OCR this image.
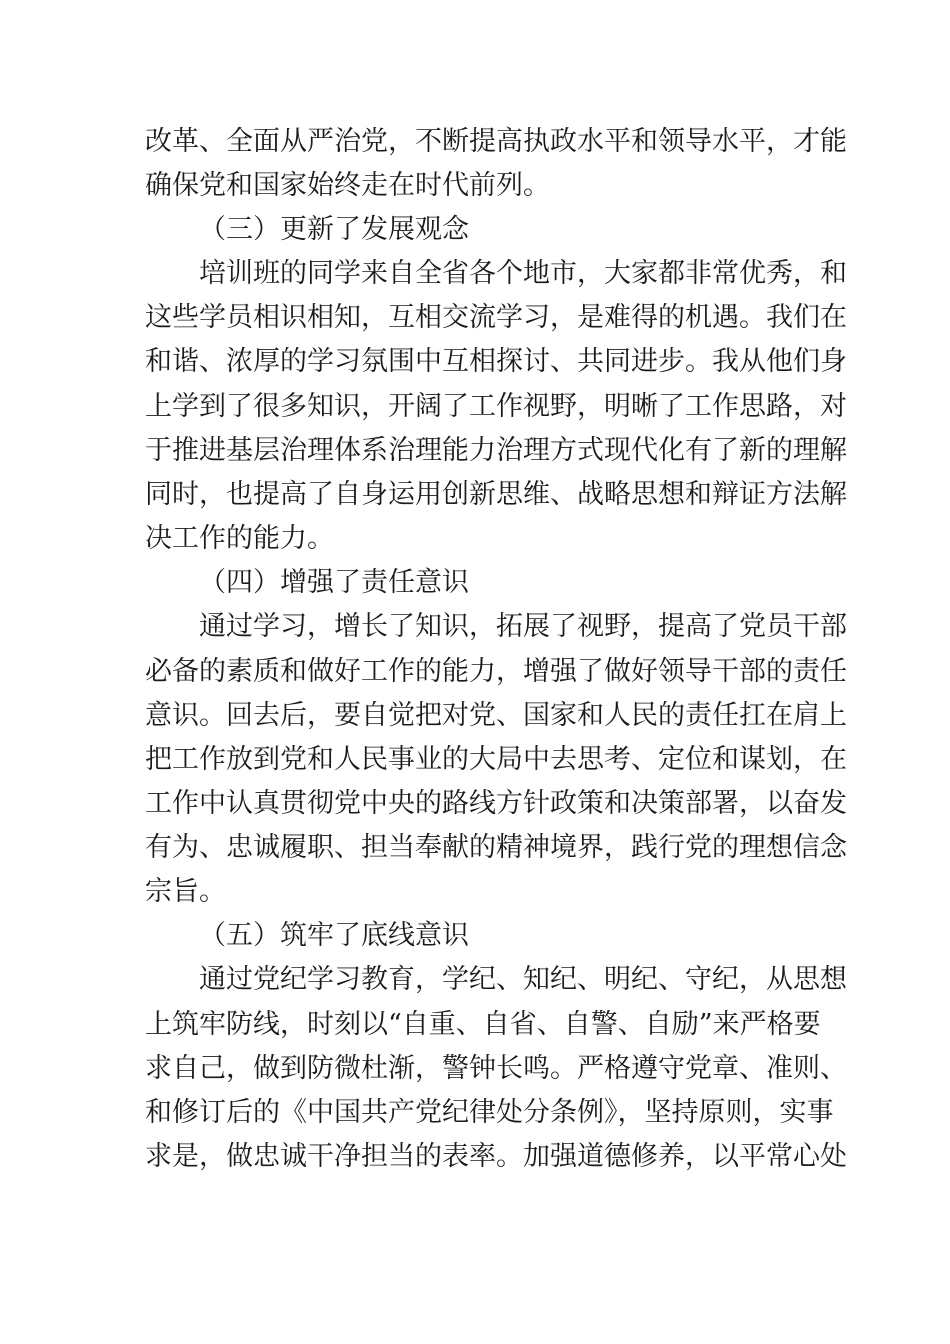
改革、全面从严治党，不断提高执政水平和领导水平，才能
确保党和国家始终走在时代前列。
（三）更新了发展观念
培训班的同学来自全省各个地市，大家都非常优秀，和
这些学员相识相知，互相交流学习，是难得的机遇。我们在
和谐、浓厚的学习氛围中互相探讨、共同进步。我从他们身
上学到了很多知识，开阔了工作视野，明晰了工作思路，对
于推进基层治理体系治理能力治理方式现代化有了新的理解
同时，也提高了自身运用创新思维、战略思想和辩证方法解
决工作的能力。
（四）增强了责任意识
通过学习，增长了知识，拓展了视野，提高了党员干部
必备的素质和做好工作的能力，增强了做好领导干部的责任
意识。回去后，要自觉把对党、国家和人民的责任扛在肩上
把工作放到党和人民事业的大局中去思考、定位和谋划，在
工作中认真贯彻党中央的路线方针政策和决策部署，以奋发
有为、忠诚履职、担当奉献的精神境界，践行党的理想信念
宗旨。
（五）筑牢了底线意识
通过党纪学习教育，学纪、知纪、明纪、守纪，从思想
上筑牢防线，时刻以“自重、自省、自警、自励”来严格要
求自己，做到防微杜渐，警钟长鸣。严格遵守党章、准则、
和修订后的《中国共产党纪律处分条例》，坚持原则，实事
求是，做忠诚干净担当的表率。加强道德修养，以平常心处
